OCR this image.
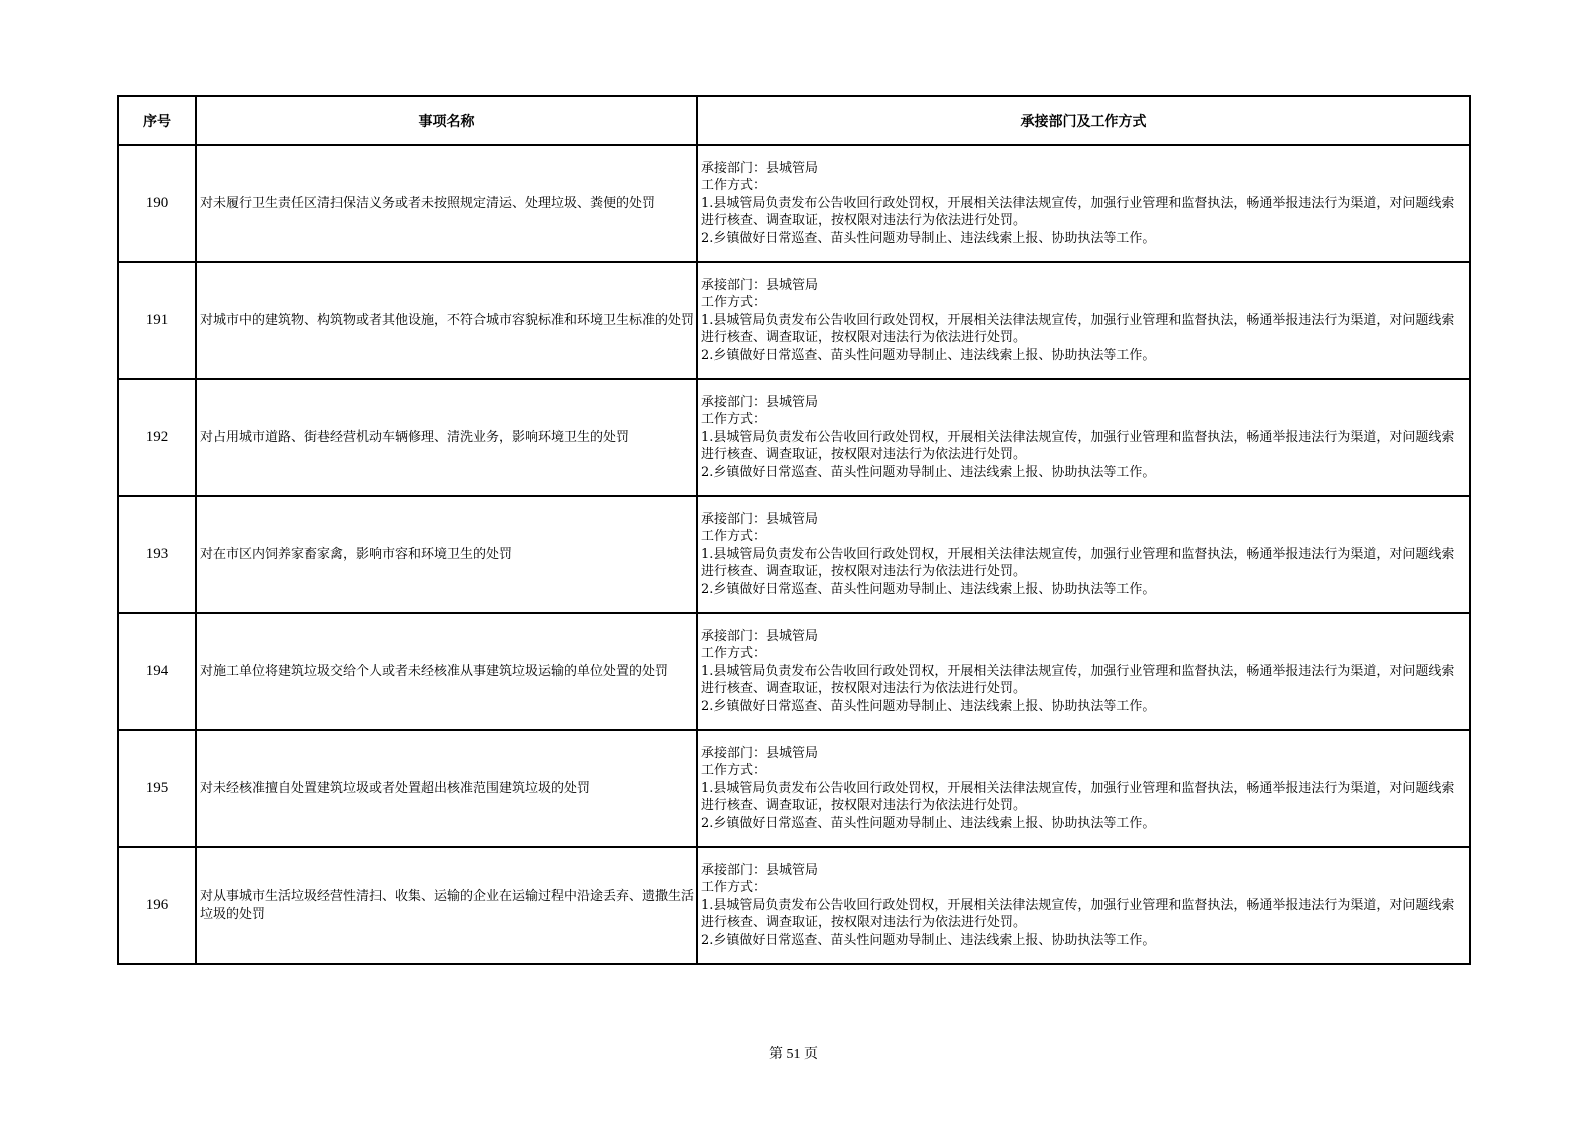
序号	事项名称	承接部门及工作方式
190	对未履行卫生责任区清扫保洁义务或者未按照规定清运、处理垃圾、粪便的处罚	承接部门：县城管局
工作方式：
1.县城管局负责发布公告收回行政处罚权，开展相关法律法规宣传，加强行业管理和监督执法，畅通举报违法行为渠道，对问题线索进行核查、调查取证，按权限对违法行为依法进行处罚。
2.乡镇做好日常巡查、苗头性问题劝导制止、违法线索上报、协助执法等工作。

191	对城市中的建筑物、构筑物或者其他设施，不符合城市容貌标准和环境卫生标准的处罚	承接部门：县城管局
工作方式：
1.县城管局负责发布公告收回行政处罚权，开展相关法律法规宣传，加强行业管理和监督执法，畅通举报违法行为渠道，对问题线索进行核查、调查取证，按权限对违法行为依法进行处罚。
2.乡镇做好日常巡查、苗头性问题劝导制止、违法线索上报、协助执法等工作。

192	对占用城市道路、街巷经营机动车辆修理、清洗业务，影响环境卫生的处罚	承接部门：县城管局
工作方式：
1.县城管局负责发布公告收回行政处罚权，开展相关法律法规宣传，加强行业管理和监督执法，畅通举报违法行为渠道，对问题线索进行核查、调查取证，按权限对违法行为依法进行处罚。
2.乡镇做好日常巡查、苗头性问题劝导制止、违法线索上报、协助执法等工作。

193	对在市区内饲养家畜家禽，影响市容和环境卫生的处罚	承接部门：县城管局
工作方式：
1.县城管局负责发布公告收回行政处罚权，开展相关法律法规宣传，加强行业管理和监督执法，畅通举报违法行为渠道，对问题线索进行核查、调查取证，按权限对违法行为依法进行处罚。
2.乡镇做好日常巡查、苗头性问题劝导制止、违法线索上报、协助执法等工作。

194	对施工单位将建筑垃圾交给个人或者未经核准从事建筑垃圾运输的单位处置的处罚	承接部门：县城管局
工作方式：
1.县城管局负责发布公告收回行政处罚权，开展相关法律法规宣传，加强行业管理和监督执法，畅通举报违法行为渠道，对问题线索进行核查、调查取证，按权限对违法行为依法进行处罚。
2.乡镇做好日常巡查、苗头性问题劝导制止、违法线索上报、协助执法等工作。

195	对未经核准擅自处置建筑垃圾或者处置超出核准范围建筑垃圾的处罚	承接部门：县城管局
工作方式：
1.县城管局负责发布公告收回行政处罚权，开展相关法律法规宣传，加强行业管理和监督执法，畅通举报违法行为渠道，对问题线索进行核查、调查取证，按权限对违法行为依法进行处罚。
2.乡镇做好日常巡查、苗头性问题劝导制止、违法线索上报、协助执法等工作。

196	对从事城市生活垃圾经营性清扫、收集、运输的企业在运输过程中沿途丢弃、遗撒生活垃圾的处罚	承接部门：县城管局
工作方式：
1.县城管局负责发布公告收回行政处罚权，开展相关法律法规宣传，加强行业管理和监督执法，畅通举报违法行为渠道，对问题线索进行核查、调查取证，按权限对违法行为依法进行处罚。
2.乡镇做好日常巡查、苗头性问题劝导制止、违法线索上报、协助执法等工作。
第 51 页
